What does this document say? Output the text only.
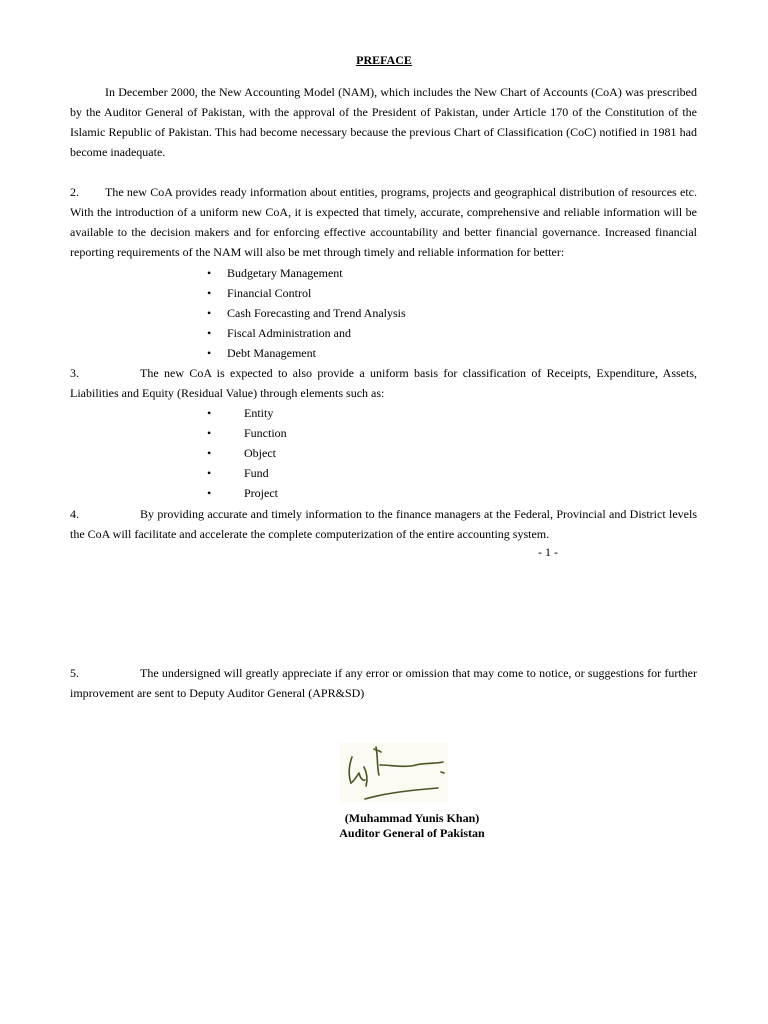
PREFACE
In December 2000, the New Accounting Model (NAM), which includes the New Chart of Accounts (CoA) was prescribed by the Auditor General of Pakistan, with the approval of the President of Pakistan, under Article 170 of the Constitution of the Islamic Republic of Pakistan. This had become necessary because the previous Chart of Classification (CoC) notified in 1981 had become inadequate.
2. The new CoA provides ready information about entities, programs, projects and geographical distribution of resources etc. With the introduction of a uniform new CoA, it is expected that timely, accurate, comprehensive and reliable information will be available to the decision makers and for enforcing effective accountability and better financial governance. Increased financial reporting requirements of the NAM will also be met through timely and reliable information for better:
• Budgetary Management
• Financial Control
• Cash Forecasting and Trend Analysis
• Fiscal Administration and
• Debt Management
3.	The new CoA is expected to also provide a uniform basis for classification of Receipts, Expenditure, Assets, Liabilities and Equity (Residual Value) through elements such as:
•	Entity
•	Function
•	Object
•	Fund
•	Project
4.	By providing accurate and timely information to the finance managers at the Federal, Provincial and District levels the CoA will facilitate and accelerate the complete computerization of the entire accounting system.
- 1 -
5.	The undersigned will greatly appreciate if any error or omission that may come to notice, or suggestions for further improvement are sent to Deputy Auditor General (APR&SD)
(Muhammad Yunis Khan)
Auditor General of Pakistan
